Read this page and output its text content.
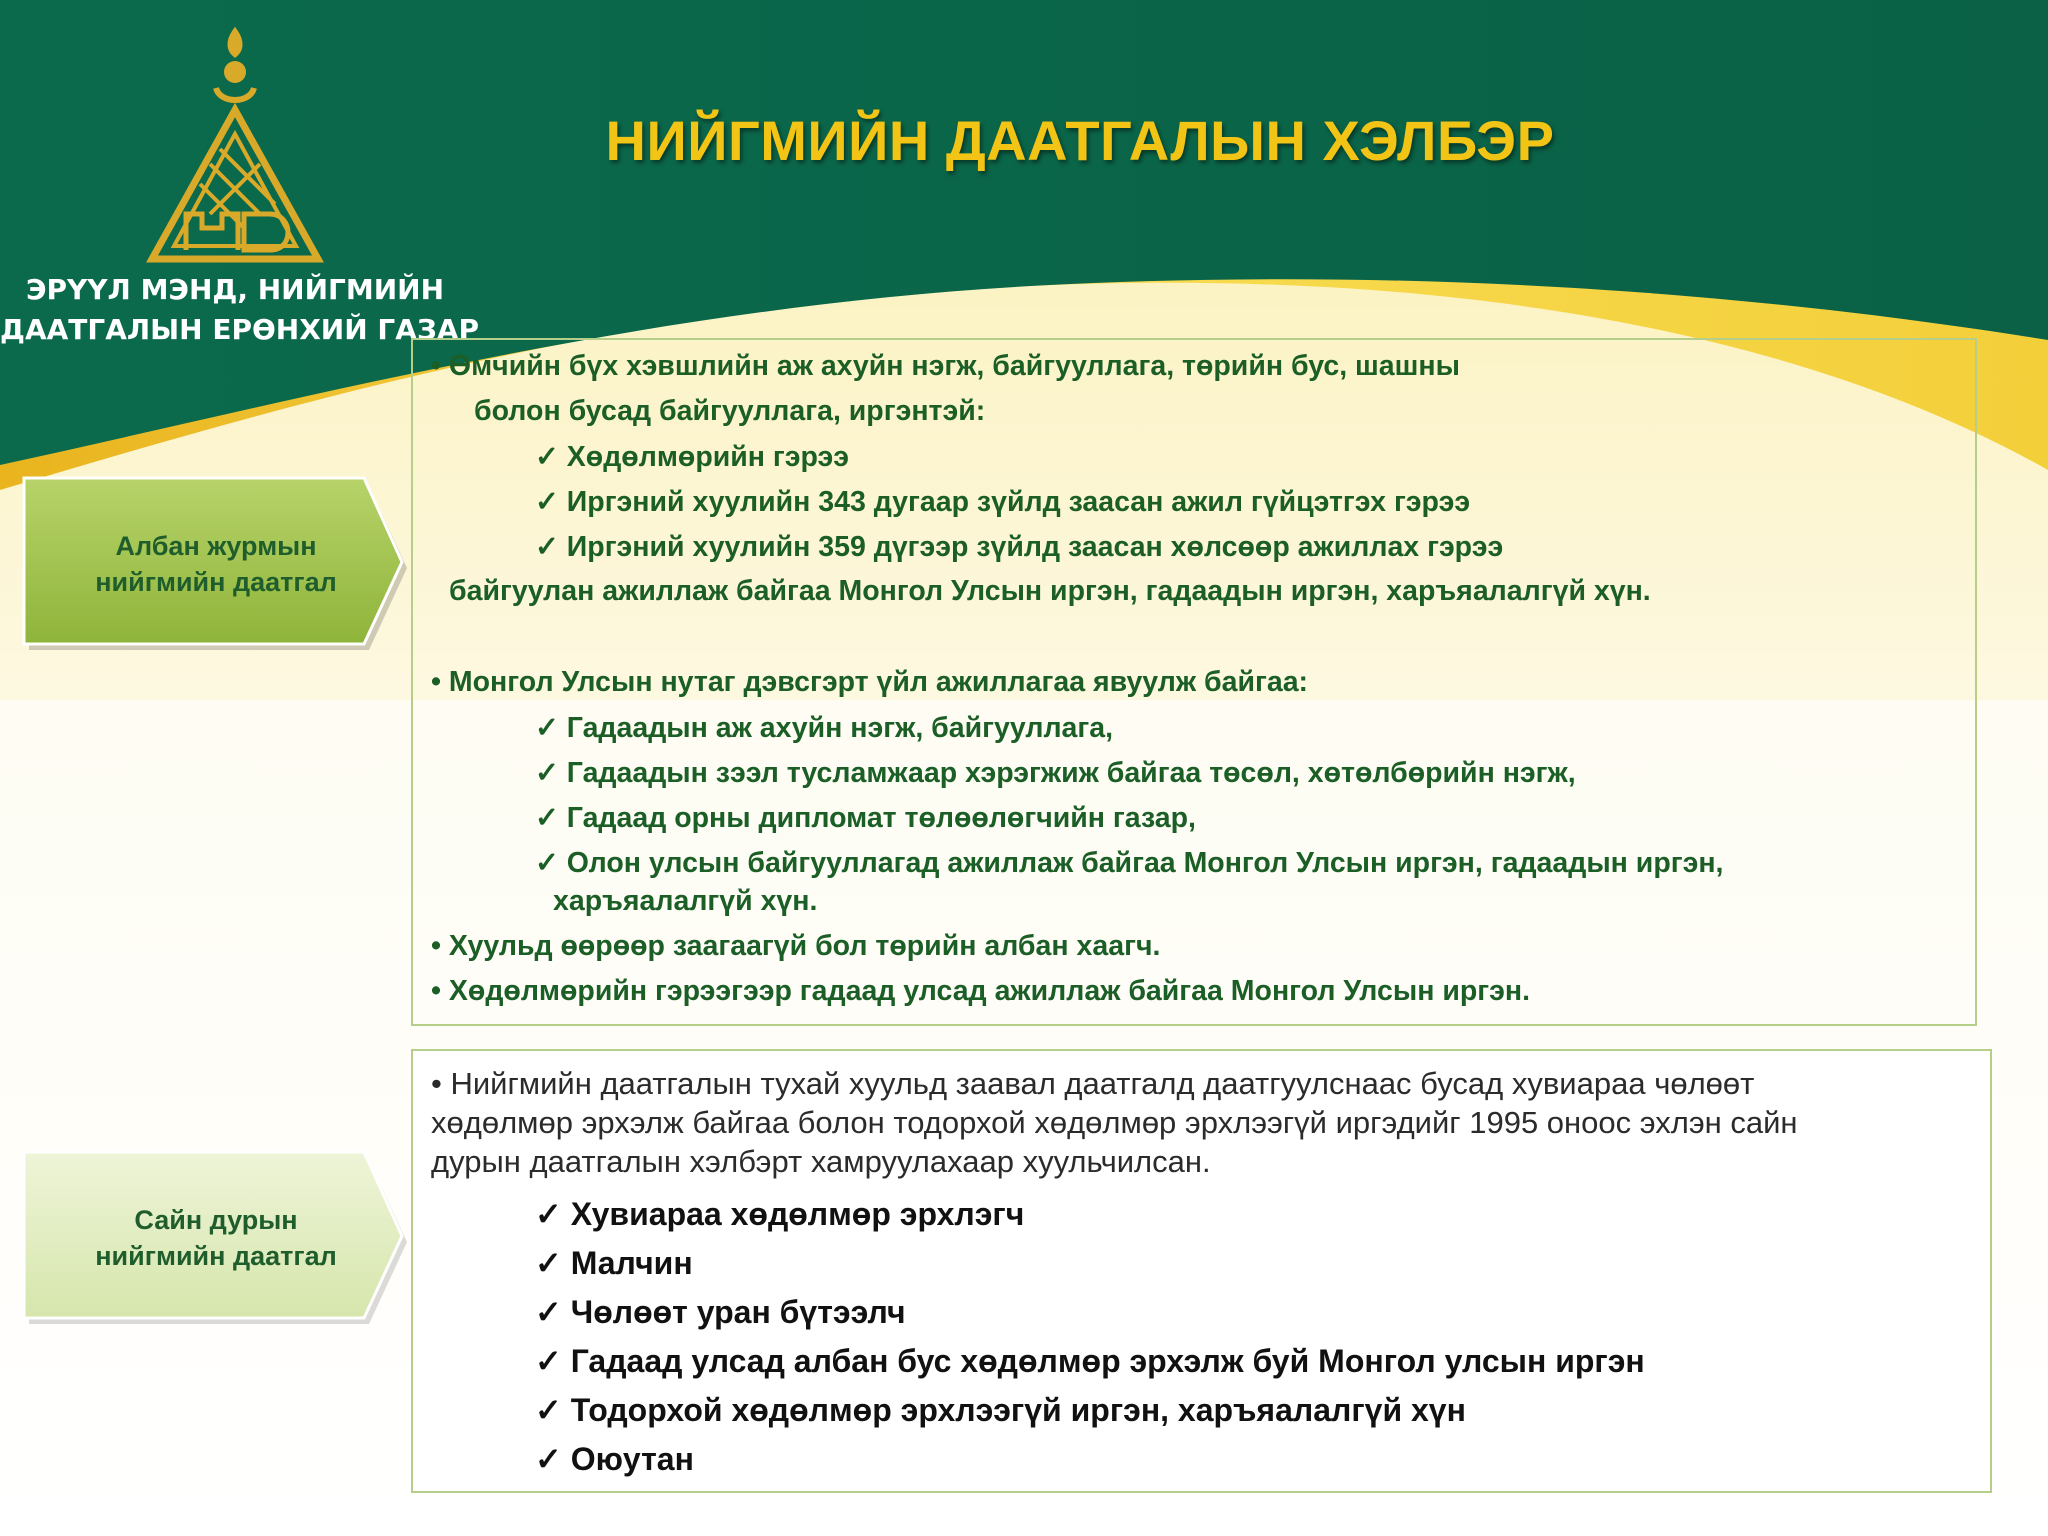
ЭРҮҮЛ МЭНД, НИЙГМИЙН
ДААТГАЛЫН ЕРӨНХИЙ ГАЗАР
НИЙГМИЙН ДААТГАЛЫН ХЭЛБЭР
Албан журмын
нийгмийн даатгал
Сайн дурын
нийгмийн даатгал
• Өмчийн бүх хэвшлийн аж ахуйн нэгж, байгууллага, төрийн бус, шашны
болон бусад байгууллага, иргэнтэй:
✓ Хөдөлмөрийн гэрээ
✓ Иргэний хуулийн 343 дугаар зүйлд заасан ажил гүйцэтгэх гэрээ
✓ Иргэний хуулийн 359 дүгээр зүйлд заасан хөлсөөр ажиллах гэрээ
байгуулан ажиллаж байгаа Монгол Улсын иргэн, гадаадын иргэн, харъяалалгүй хүн.
• Монгол Улсын нутаг дэвсгэрт үйл ажиллагаа явуулж байгаа:
✓ Гадаадын аж ахуйн нэгж, байгууллага,
✓ Гадаадын зээл тусламжаар хэрэгжиж байгаа төсөл, хөтөлбөрийн нэгж,
✓ Гадаад орны дипломат төлөөлөгчийн газар,
✓ Олон улсын байгууллагад ажиллаж байгаа Монгол Улсын иргэн, гадаадын иргэн,
харъяалалгүй хүн.
• Хуульд өөрөөр заагаагүй бол төрийн албан хаагч.
• Хөдөлмөрийн гэрээгээр гадаад улсад ажиллаж байгаа Монгол Улсын иргэн.
• Нийгмийн даатгалын тухай хуульд заавал даатгалд даатгуулснаас бусад хувиараа чөлөөт
хөдөлмөр эрхэлж байгаа болон тодорхой хөдөлмөр эрхлээгүй иргэдийг 1995 оноос эхлэн сайн
дурын даатгалын хэлбэрт хамруулахаар хуульчилсан.
✓ Хувиараа хөдөлмөр эрхлэгч
✓ Малчин
✓ Чөлөөт уран бүтээлч
✓ Гадаад улсад албан бус хөдөлмөр эрхэлж буй Монгол улсын иргэн
✓ Тодорхой хөдөлмөр эрхлээгүй иргэн, харъяалалгүй хүн
✓ Оюутан
